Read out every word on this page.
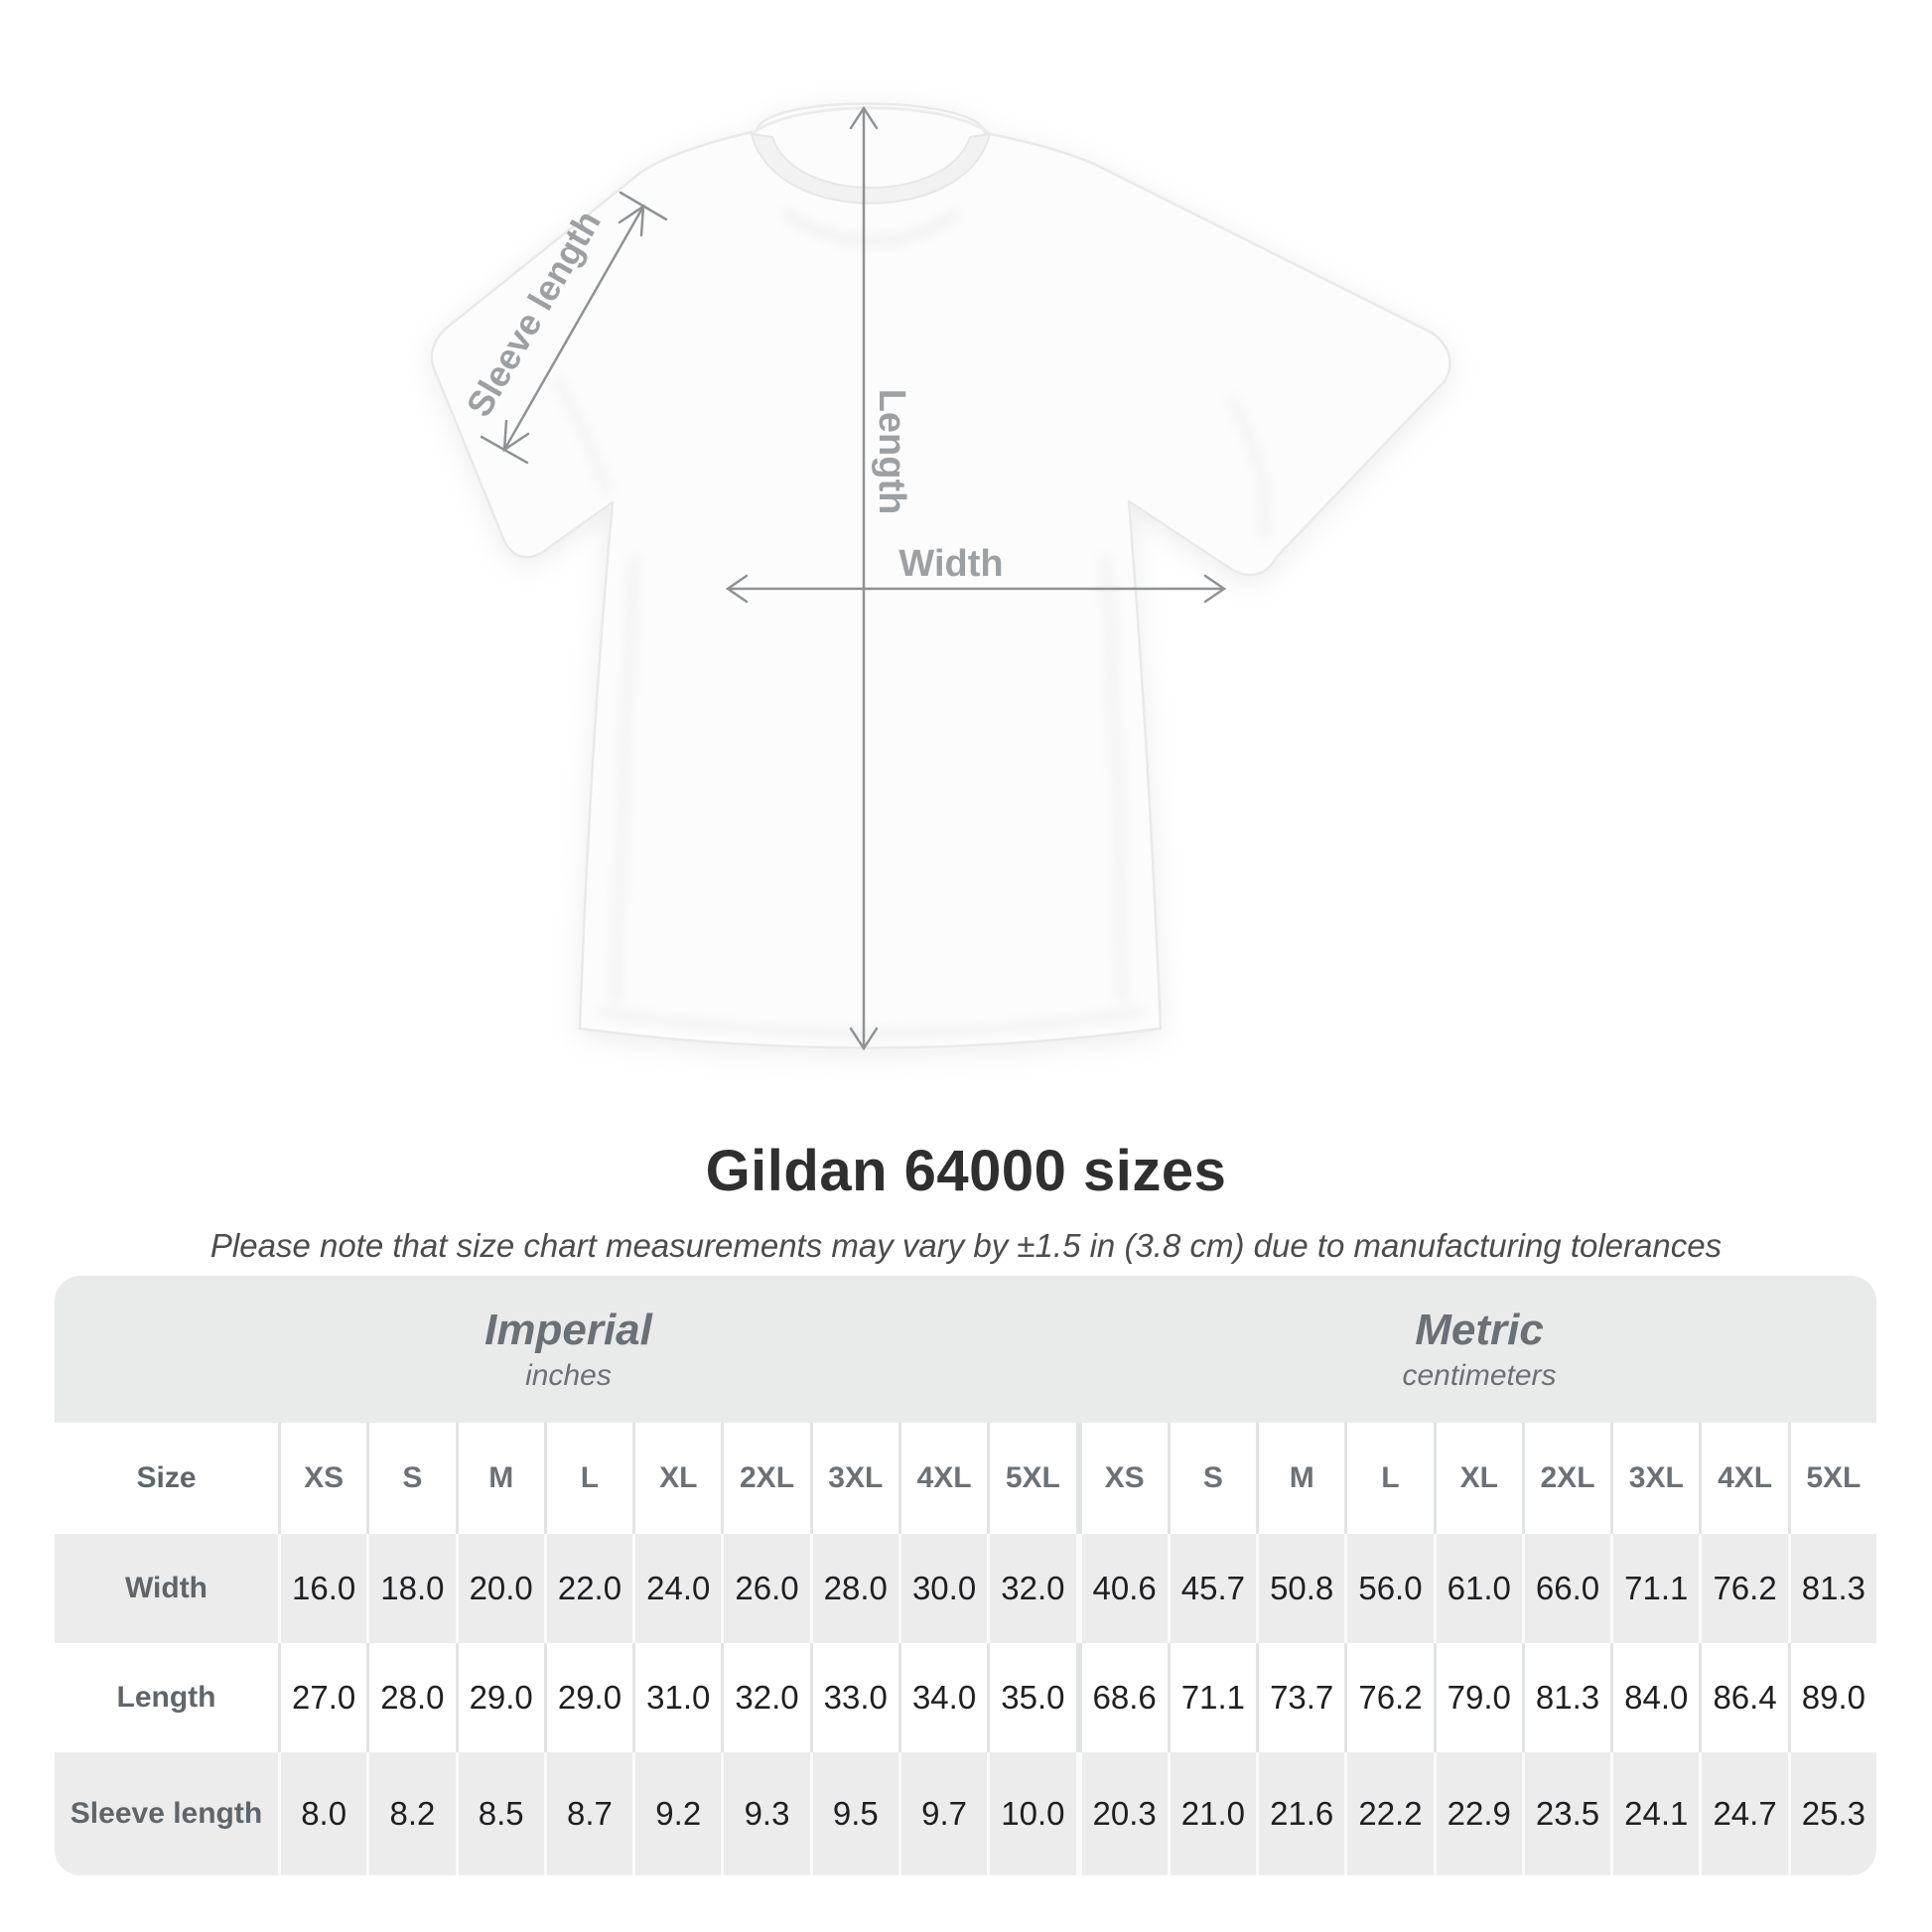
Sleeve length
Length
Width
Gildan 64000 sizes
Please note that size chart measurements may vary by ±1.5 in (3.8 cm) due to manufacturing tolerances
Imperial
inches
Metric
centimeters
Size	XS	S	M	L	XL	2XL	3XL	4XL	5XL	XS	S	M	L	XL	2XL	3XL	4XL	5XL
Width	16.0 18.0 20.0 22.0 24.0 26.0 28.0 30.0 32.0 40.6 45.7 50.8 56.0 61.0 66.0 71.1 76.2 81.3
Length	27.0 28.0 29.0 29.0 31.0 32.0 33.0 34.0 35.0 68.6 71.1 73.7 76.2 79.0 81.3 84.0 86.4 89.0
Sleeve length	8.0	8.2	8.5	8.7	9.2	9.3	9.5	9.7	10.0 20.3 21.0 21.6 22.2 22.9 23.5 24.1 24.7 25.3
